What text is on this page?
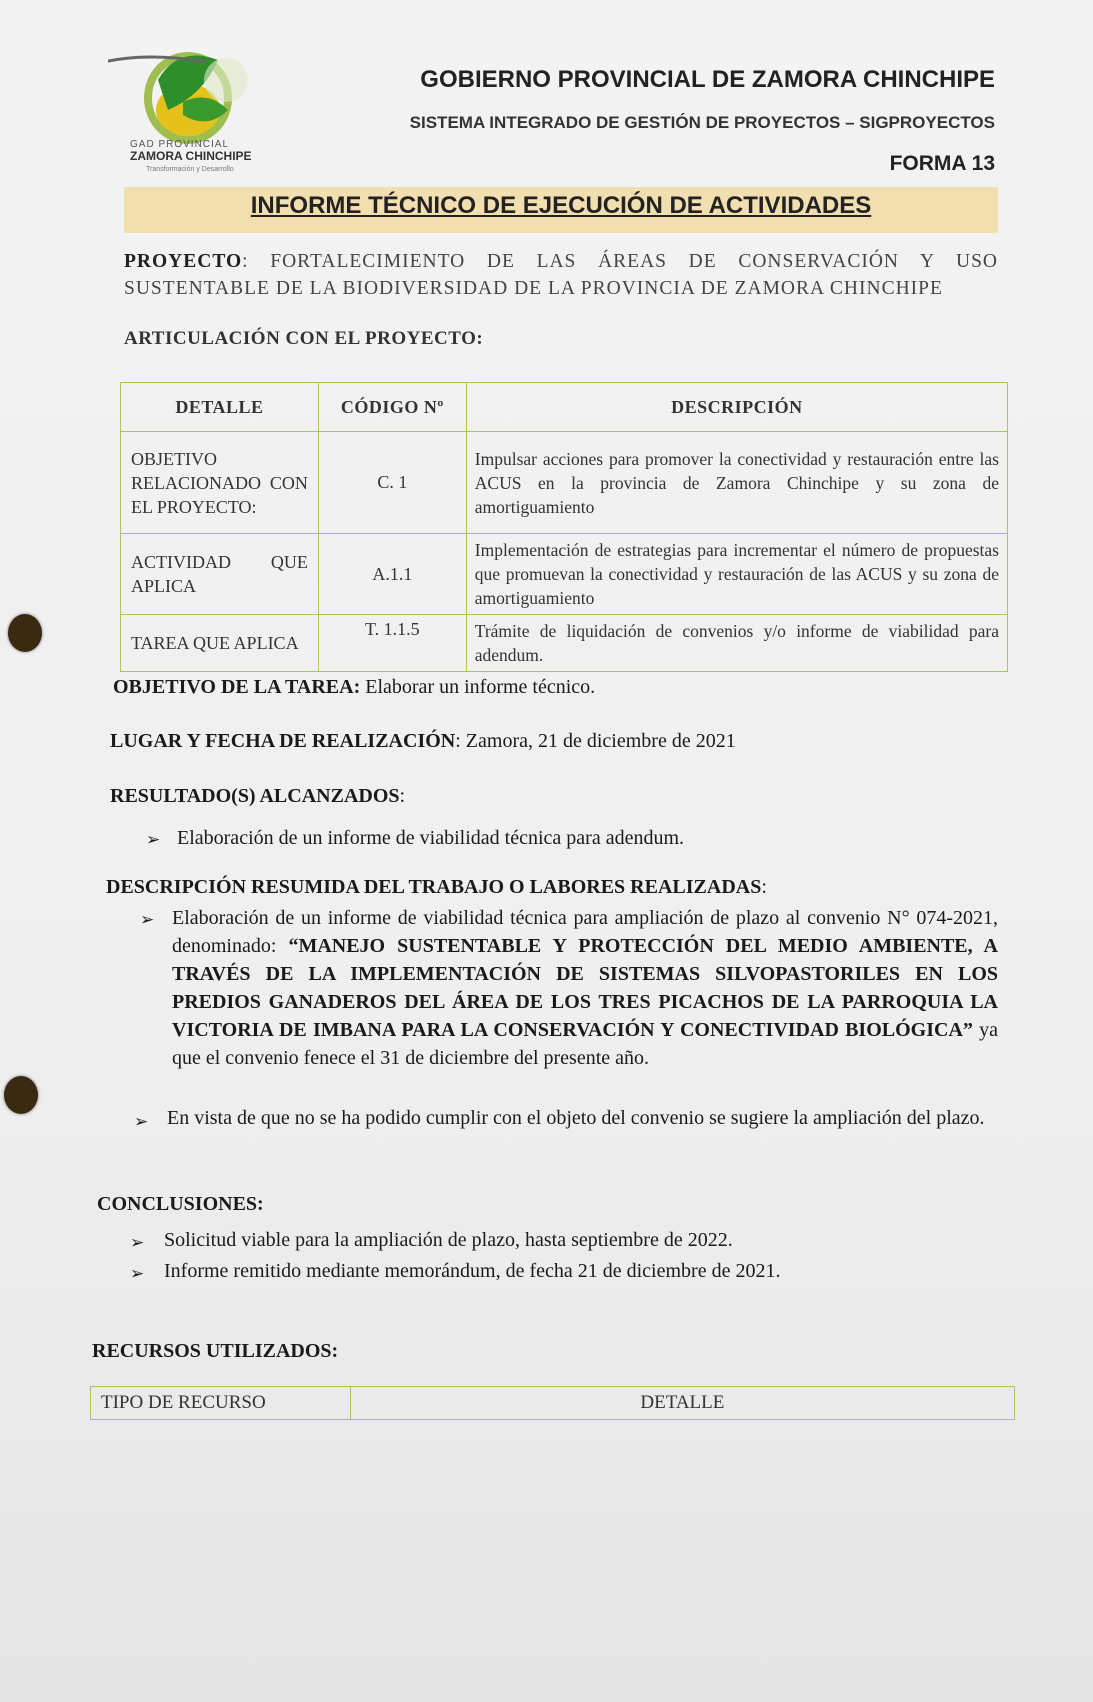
GAD PROVINCIAL
ZAMORA CHINCHIPE
Transformación y Desarrollo
GOBIERNO PROVINCIAL DE ZAMORA CHINCHIPE
SISTEMA INTEGRADO DE GESTIÓN DE PROYECTOS – SIGPROYECTOS
FORMA 13
INFORME TÉCNICO DE EJECUCIÓN DE ACTIVIDADES
PROYECTO: FORTALECIMIENTO DE LAS ÁREAS DE CONSERVACIÓN Y USO SUSTENTABLE DE LA BIODIVERSIDAD DE LA PROVINCIA DE ZAMORA CHINCHIPE
ARTICULACIÓN CON EL PROYECTO:
DETALLE	CÓDIGO Nº	DESCRIPCIÓN
OBJETIVO RELACIONADO CON EL PROYECTO:	C. 1	Impulsar acciones para promover la conectividad y restauración entre las ACUS en la provincia de Zamora Chinchipe y su zona de amortiguamiento
ACTIVIDAD QUE APLICA	A.1.1	Implementación de estrategias para incrementar el número de propuestas que promuevan la conectividad y restauración de las ACUS y su zona de amortiguamiento
TAREA QUE APLICA	T. 1.1.5	Trámite de liquidación de convenios y/o informe de viabilidad para adendum.
OBJETIVO DE LA TAREA: Elaborar un informe técnico.
LUGAR Y FECHA DE REALIZACIÓN: Zamora, 21 de diciembre de 2021
RESULTADO(S) ALCANZADOS:
➢ Elaboración de un informe de viabilidad técnica para adendum.
DESCRIPCIÓN RESUMIDA DEL TRABAJO O LABORES REALIZADAS:
➢ Elaboración de un informe de viabilidad técnica para ampliación de plazo al convenio N° 074-2021, denominado: “MANEJO SUSTENTABLE Y PROTECCIÓN DEL MEDIO AMBIENTE, A TRAVÉS DE LA IMPLEMENTACIÓN DE SISTEMAS SILVOPASTORILES EN LOS PREDIOS GANADEROS DEL ÁREA DE LOS TRES PICACHOS DE LA PARROQUIA LA VICTORIA DE IMBANA PARA LA CONSERVACIÓN Y CONECTIVIDAD BIOLÓGICA” ya que el convenio fenece el 31 de diciembre del presente año.
➢ En vista de que no se ha podido cumplir con el objeto del convenio se sugiere la ampliación del plazo.
CONCLUSIONES:
➢ Solicitud viable para la ampliación de plazo, hasta septiembre de 2022.
➢ Informe remitido mediante memorándum, de fecha 21 de diciembre de 2021.
RECURSOS UTILIZADOS:
TIPO DE RECURSO	DETALLE
